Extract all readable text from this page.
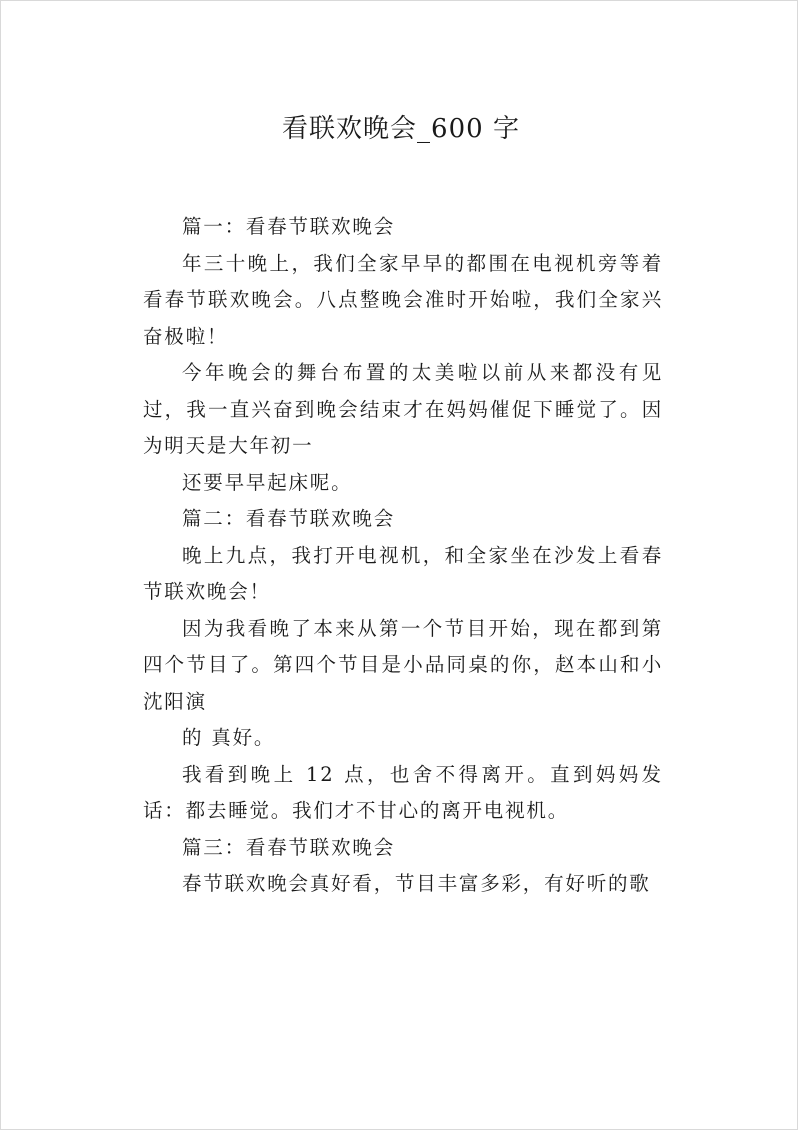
看联欢晚会_600 字

篇一：看春节联欢晚会

年三十晚上，我们全家早早的都围在电视机旁等着看春节联欢晚会。八点整晚会准时开始啦，我们全家兴奋极啦！

今年晚会的舞台布置的太美啦以前从来都没有见过，我一直兴奋到晚会结束才在妈妈催促下睡觉了。因为明天是大年初一

还要早早起床呢。

篇二：看春节联欢晚会

晚上九点，我打开电视机，和全家坐在沙发上看春节联欢晚会！

因为我看晚了本来从第一个节目开始，现在都到第四个节目了。第四个节目是小品同桌的你，赵本山和小沈阳演

的 真好。

我看到晚上 12 点，也舍不得离开。直到妈妈发话：都去睡觉。我们才不甘心的离开电视机。

篇三：看春节联欢晚会

春节联欢晚会真好看，节目丰富多彩，有好听的歌
